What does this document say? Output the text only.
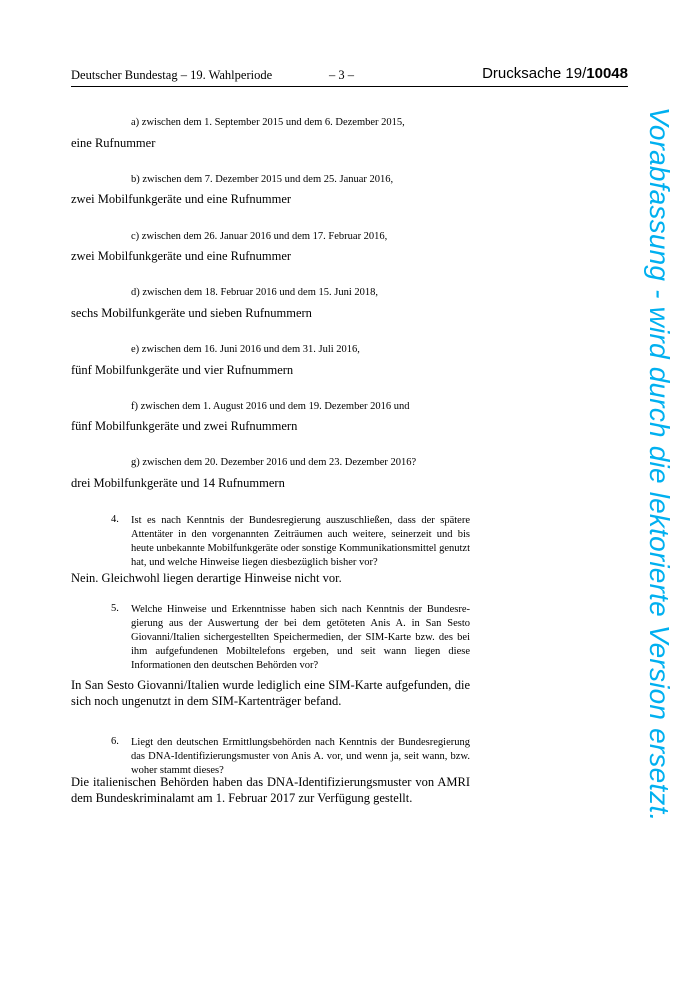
Deutscher Bundestag – 19. Wahlperiode	– 3 –	Drucksache 19/10048
a) zwischen dem 1. September 2015 und dem 6. Dezember 2015,
eine Rufnummer
b) zwischen dem 7. Dezember 2015 und dem 25. Januar 2016,
zwei Mobilfunkgeräte und eine Rufnummer
c) zwischen dem 26. Januar 2016 und dem 17. Februar 2016,
zwei Mobilfunkgeräte und eine Rufnummer
d) zwischen dem 18. Februar 2016 und dem 15. Juni 2018,
sechs Mobilfunkgeräte und sieben Rufnummern
e) zwischen dem 16. Juni 2016 und dem 31. Juli 2016,
fünf Mobilfunkgeräte und vier Rufnummern
f) zwischen dem 1. August 2016 und dem 19. Dezember 2016 und
fünf Mobilfunkgeräte und zwei Rufnummern
g) zwischen dem 20. Dezember 2016 und dem 23. Dezember 2016?
drei Mobilfunkgeräte und 14 Rufnummern
4. Ist es nach Kenntnis der Bundesregierung auszuschließen, dass der spätere Attentäter in den vorgenannten Zeiträumen auch weitere, seinerzeit und bis heute unbekannte Mobilfunkgeräte oder sonstige Kommunikationsmittel genutzt hat, und welche Hinweise liegen diesbezüglich bisher vor?
Nein. Gleichwohl liegen derartige Hinweise nicht vor.
5. Welche Hinweise und Erkenntnisse haben sich nach Kenntnis der Bundesregierung aus der Auswertung der bei dem getöteten Anis A. in San Sesto Giovanni/Italien sichergestellten Speichermedien, der SIM-Karte bzw. des bei ihm aufgefundenen Mobiltelefons ergeben, und seit wann liegen diese Informationen den deutschen Behörden vor?
In San Sesto Giovanni/Italien wurde lediglich eine SIM-Karte aufgefunden, die sich noch ungenutzt in dem SIM-Kartenträger befand.
6. Liegt den deutschen Ermittlungsbehörden nach Kenntnis der Bundesregierung das DNA-Identifizierungsmuster von Anis A. vor, und wenn ja, seit wann, bzw. woher stammt dieses?
Die italienischen Behörden haben das DNA-Identifizierungsmuster von AMRI dem Bundeskriminalamt am 1. Februar 2017 zur Verfügung gestellt.	Vorabfassung - wird durch die lektorierte Version ersetzt.
